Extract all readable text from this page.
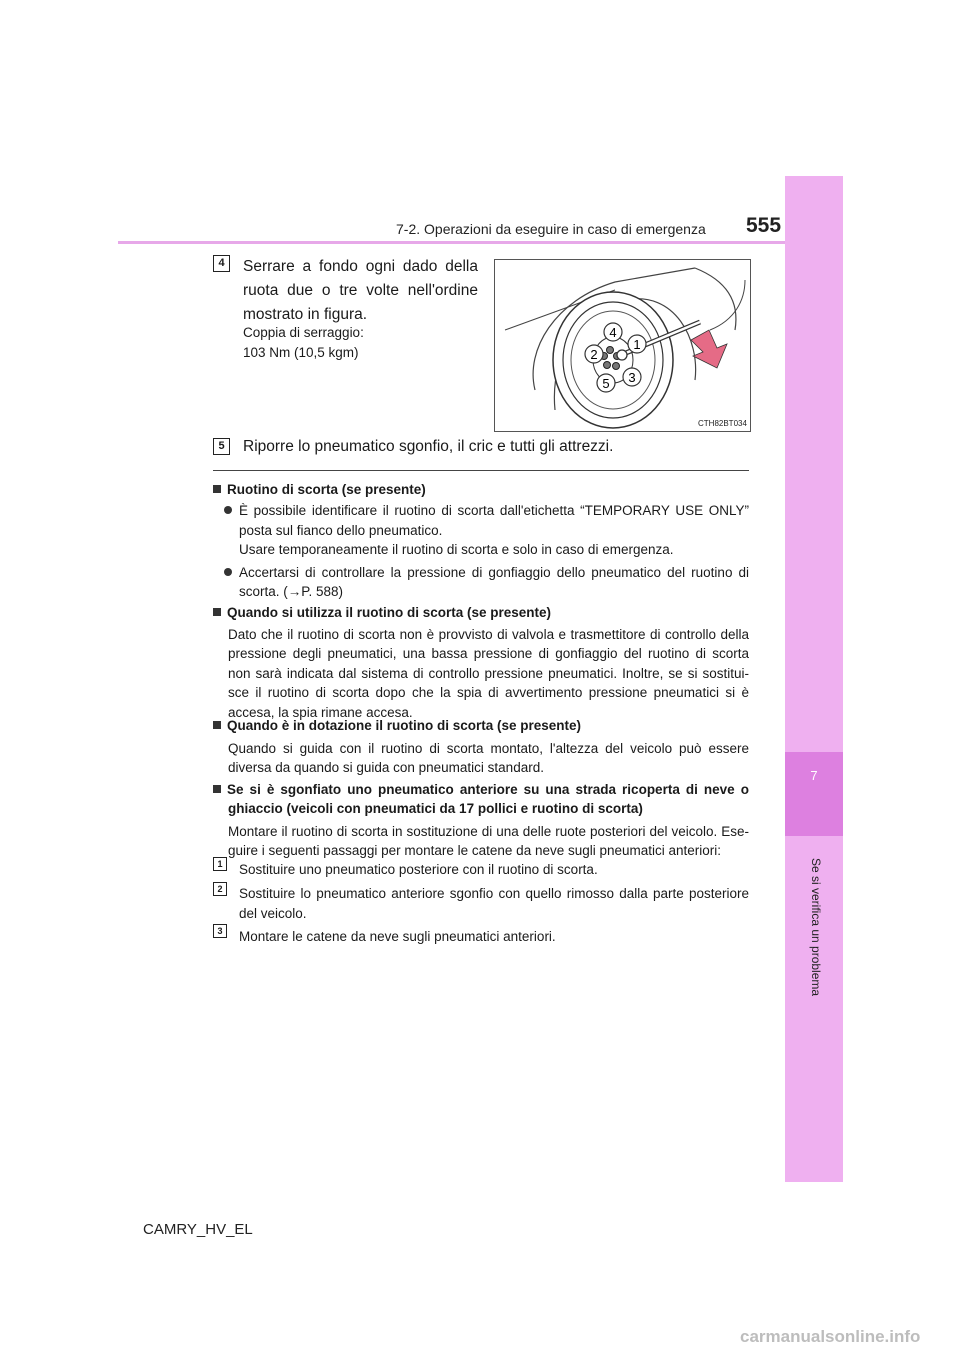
7-2. Operazioni da eseguire in caso di emergenza 555
7
Se si verifica un problema
4	Serrare a fondo ogni dado della
ruota due o tre volte nell'ordine
mostrato in figura.
Coppia di serraggio:
103 Nm (10,5 kgm)
4
1
2
3
5
CTH82BT034
5	Riporre lo pneumatico sgonfio, il cric e tutti gli attrezzi.
Ruotino di scorta (se presente)
È possibile identificare il ruotino di scorta dall'etichetta “TEMPORARY USE ONLY”
posta sul fianco dello pneumatico.
Usare temporaneamente il ruotino di scorta e solo in caso di emergenza.
Accertarsi di controllare la pressione di gonfiaggio dello pneumatico del ruotino di
scorta. (→P. 588)
Quando si utilizza il ruotino di scorta (se presente)
Dato che il ruotino di scorta non è provvisto di valvola e trasmettitore di controllo della
pressione degli pneumatici, una bassa pressione di gonfiaggio del ruotino di scorta
non sarà indicata dal sistema di controllo pressione pneumatici. Inoltre, se si sostitui-
sce il ruotino di scorta dopo che la spia di avvertimento pressione pneumatici si è
accesa, la spia rimane accesa.
Quando è in dotazione il ruotino di scorta (se presente)
Quando si guida con il ruotino di scorta montato, l'altezza del veicolo può essere
diversa da quando si guida con pneumatici standard.
Se si è sgonfiato uno pneumatico anteriore su una strada ricoperta di neve o
ghiaccio (veicoli con pneumatici da 17 pollici e ruotino di scorta)
Montare il ruotino di scorta in sostituzione di una delle ruote posteriori del veicolo. Ese-
guire i seguenti passaggi per montare le catene da neve sugli pneumatici anteriori:
1	Sostituire uno pneumatico posteriore con il ruotino di scorta.
2	Sostituire lo pneumatico anteriore sgonfio con quello rimosso dalla parte posteriore
del veicolo.
3	Montare le catene da neve sugli pneumatici anteriori.
CAMRY_HV_EL
carmanualsonline.info
